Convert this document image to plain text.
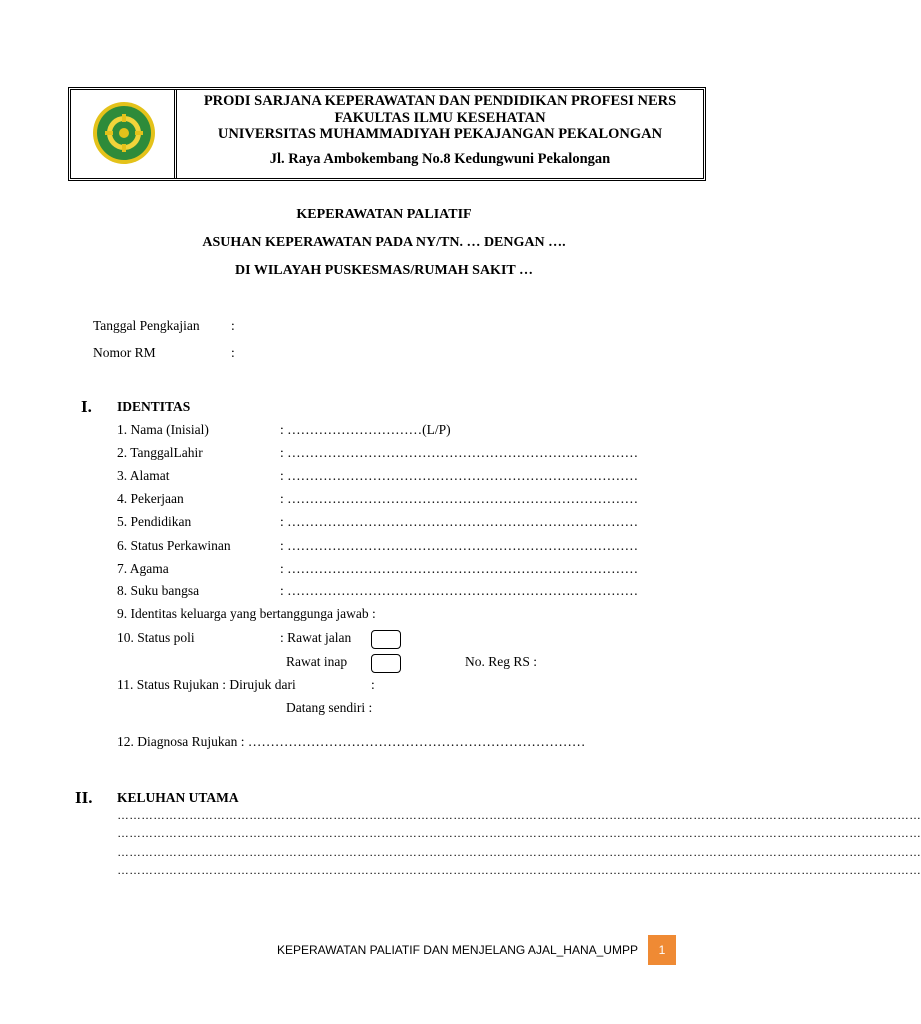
PRODI SARJANA KEPERAWATAN DAN PENDIDIKAN PROFESI NERS
FAKULTAS ILMU KESEHATAN
UNIVERSITAS MUHAMMADIYAH PEKAJANGAN PEKALONGAN
Jl. Raya Ambokembang No.8 Kedungwuni Pekalongan
KEPERAWATAN PALIATIF
ASUHAN KEPERAWATAN PADA NY/TN. … DENGAN ….
DI WILAYAH PUSKESMAS/RUMAH SAKIT …
Tanggal Pengkajian :
Nomor RM	:
I. IDENTITAS
1. Nama (Inisial)	: …………………………(L/P)
2. TanggalLahir	: ……………………………………………………………………
3. Alamat	: ……………………………………………………………………
4. Pekerjaan	: ……………………………………………………………………
5. Pendidikan	: ……………………………………………………………………
6. Status Perkawinan	: ……………………………………………………………………
7. Agama	: ……………………………………………………………………
8. Suku bangsa	: ……………………………………………………………………
9. Identitas keluarga yang bertanggunga jawab :
10. Status poli	: Rawat jalan
Rawat inap	No. Reg RS :
11. Status Rujukan : Dirujuk dari	:
Datang sendiri :
12. Diagnosa Rujukan : …………………………………………………………………
II. KELUHAN UTAMA
…………………………………………………………………………………………………………………………………………………………………………………
…………………………………………………………………………………………………………………………………………………………………………………
…………………………………………………………………………………………………………………………………………………………………………………
…………………………………………………………………………………………………………………………………………………………………………………
KEPERAWATAN PALIATIF DAN MENJELANG AJAL_HANA_UMPP	1
